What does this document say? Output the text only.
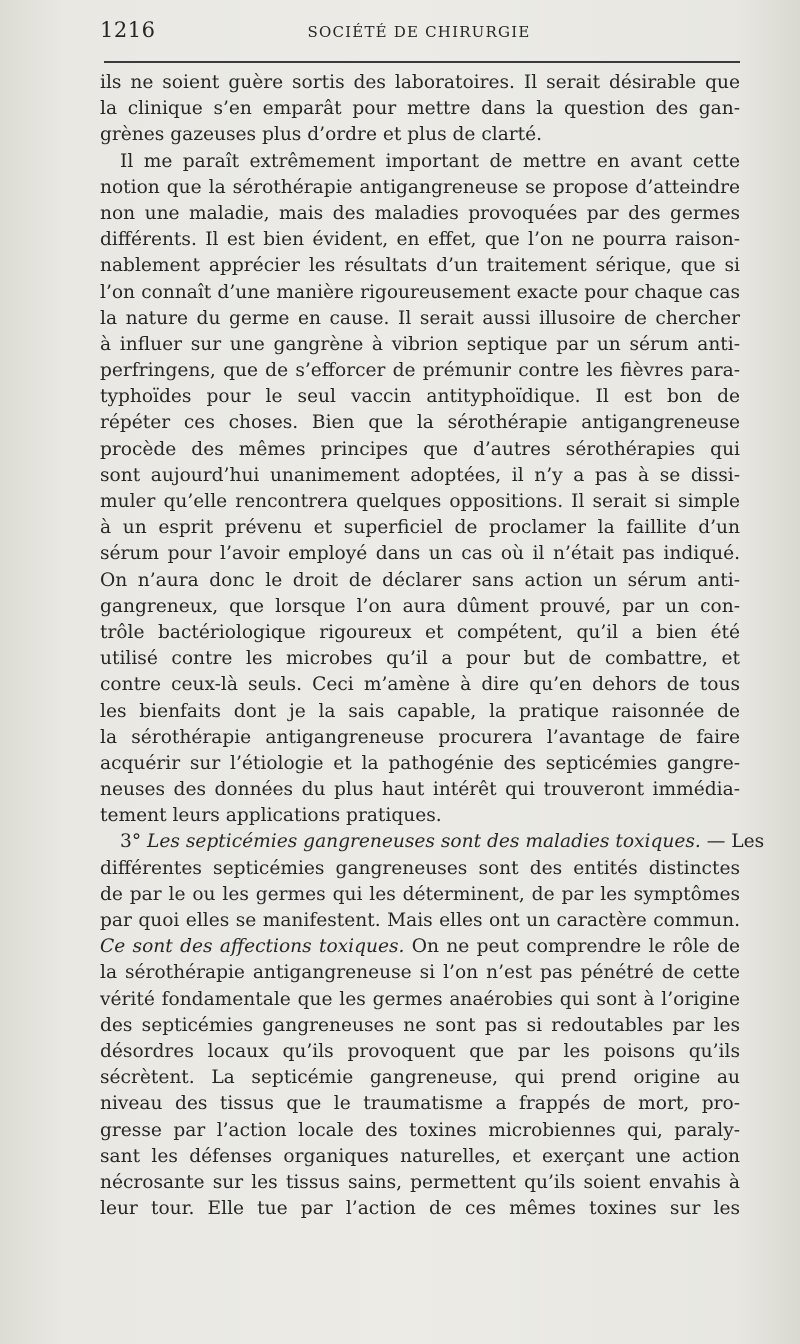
1216	SOCIÉTÉ DE CHIRURGIE
ils ne soient guère sortis des laboratoires. Il serait désirable que
la clinique s’en emparât pour mettre dans la question des gan-
grènes gazeuses plus d’ordre et plus de clarté.
Il me paraît extrêmement important de mettre en avant cette
notion que la sérothérapie antigangreneuse se propose d’atteindre
non une maladie, mais des maladies provoquées par des germes
différents. Il est bien évident, en effet, que l’on ne pourra raison-
nablement apprécier les résultats d’un traitement sérique, que si
l’on connaît d’une manière rigoureusement exacte pour chaque cas
la nature du germe en cause. Il serait aussi illusoire de chercher
à influer sur une gangrène à vibrion septique par un sérum anti-
perfringens, que de s’efforcer de prémunir contre les fièvres para-
typhoïdes pour le seul vaccin antityphoïdique. Il est bon de
répéter ces choses. Bien que la sérothérapie antigangreneuse
procède des mêmes principes que d’autres sérothérapies qui
sont aujourd’hui unanimement adoptées, il n’y a pas à se dissi-
muler qu’elle rencontrera quelques oppositions. Il serait si simple
à un esprit prévenu et superficiel de proclamer la faillite d’un
sérum pour l’avoir employé dans un cas où il n’était pas indiqué.
On n’aura donc le droit de déclarer sans action un sérum anti-
gangreneux, que lorsque l’on aura dûment prouvé, par un con-
trôle bactériologique rigoureux et compétent, qu’il a bien été
utilisé contre les microbes qu’il a pour but de combattre, et
contre ceux-là seuls. Ceci m’amène à dire qu’en dehors de tous
les bienfaits dont je la sais capable, la pratique raisonnée de
la sérothérapie antigangreneuse procurera l’avantage de faire
acquérir sur l’étiologie et la pathogénie des septicémies gangre-
neuses des données du plus haut intérêt qui trouveront immédia-
tement leurs applications pratiques.
3° Les septicémies gangreneuses sont des maladies toxiques. — Les
différentes septicémies gangreneuses sont des entités distinctes
de par le ou les germes qui les déterminent, de par les symptômes
par quoi elles se manifestent. Mais elles ont un caractère commun.
Ce sont des affections toxiques. On ne peut comprendre le rôle de
la sérothérapie antigangreneuse si l’on n’est pas pénétré de cette
vérité fondamentale que les germes anaérobies qui sont à l’origine
des septicémies gangreneuses ne sont pas si redoutables par les
désordres locaux qu’ils provoquent que par les poisons qu’ils
sécrètent. La septicémie gangreneuse, qui prend origine au
niveau des tissus que le traumatisme a frappés de mort, pro-
gresse par l’action locale des toxines microbiennes qui, paraly-
sant les défenses organiques naturelles, et exerçant une action
nécrosante sur les tissus sains, permettent qu’ils soient envahis à
leur tour. Elle tue par l’action de ces mêmes toxines sur les
